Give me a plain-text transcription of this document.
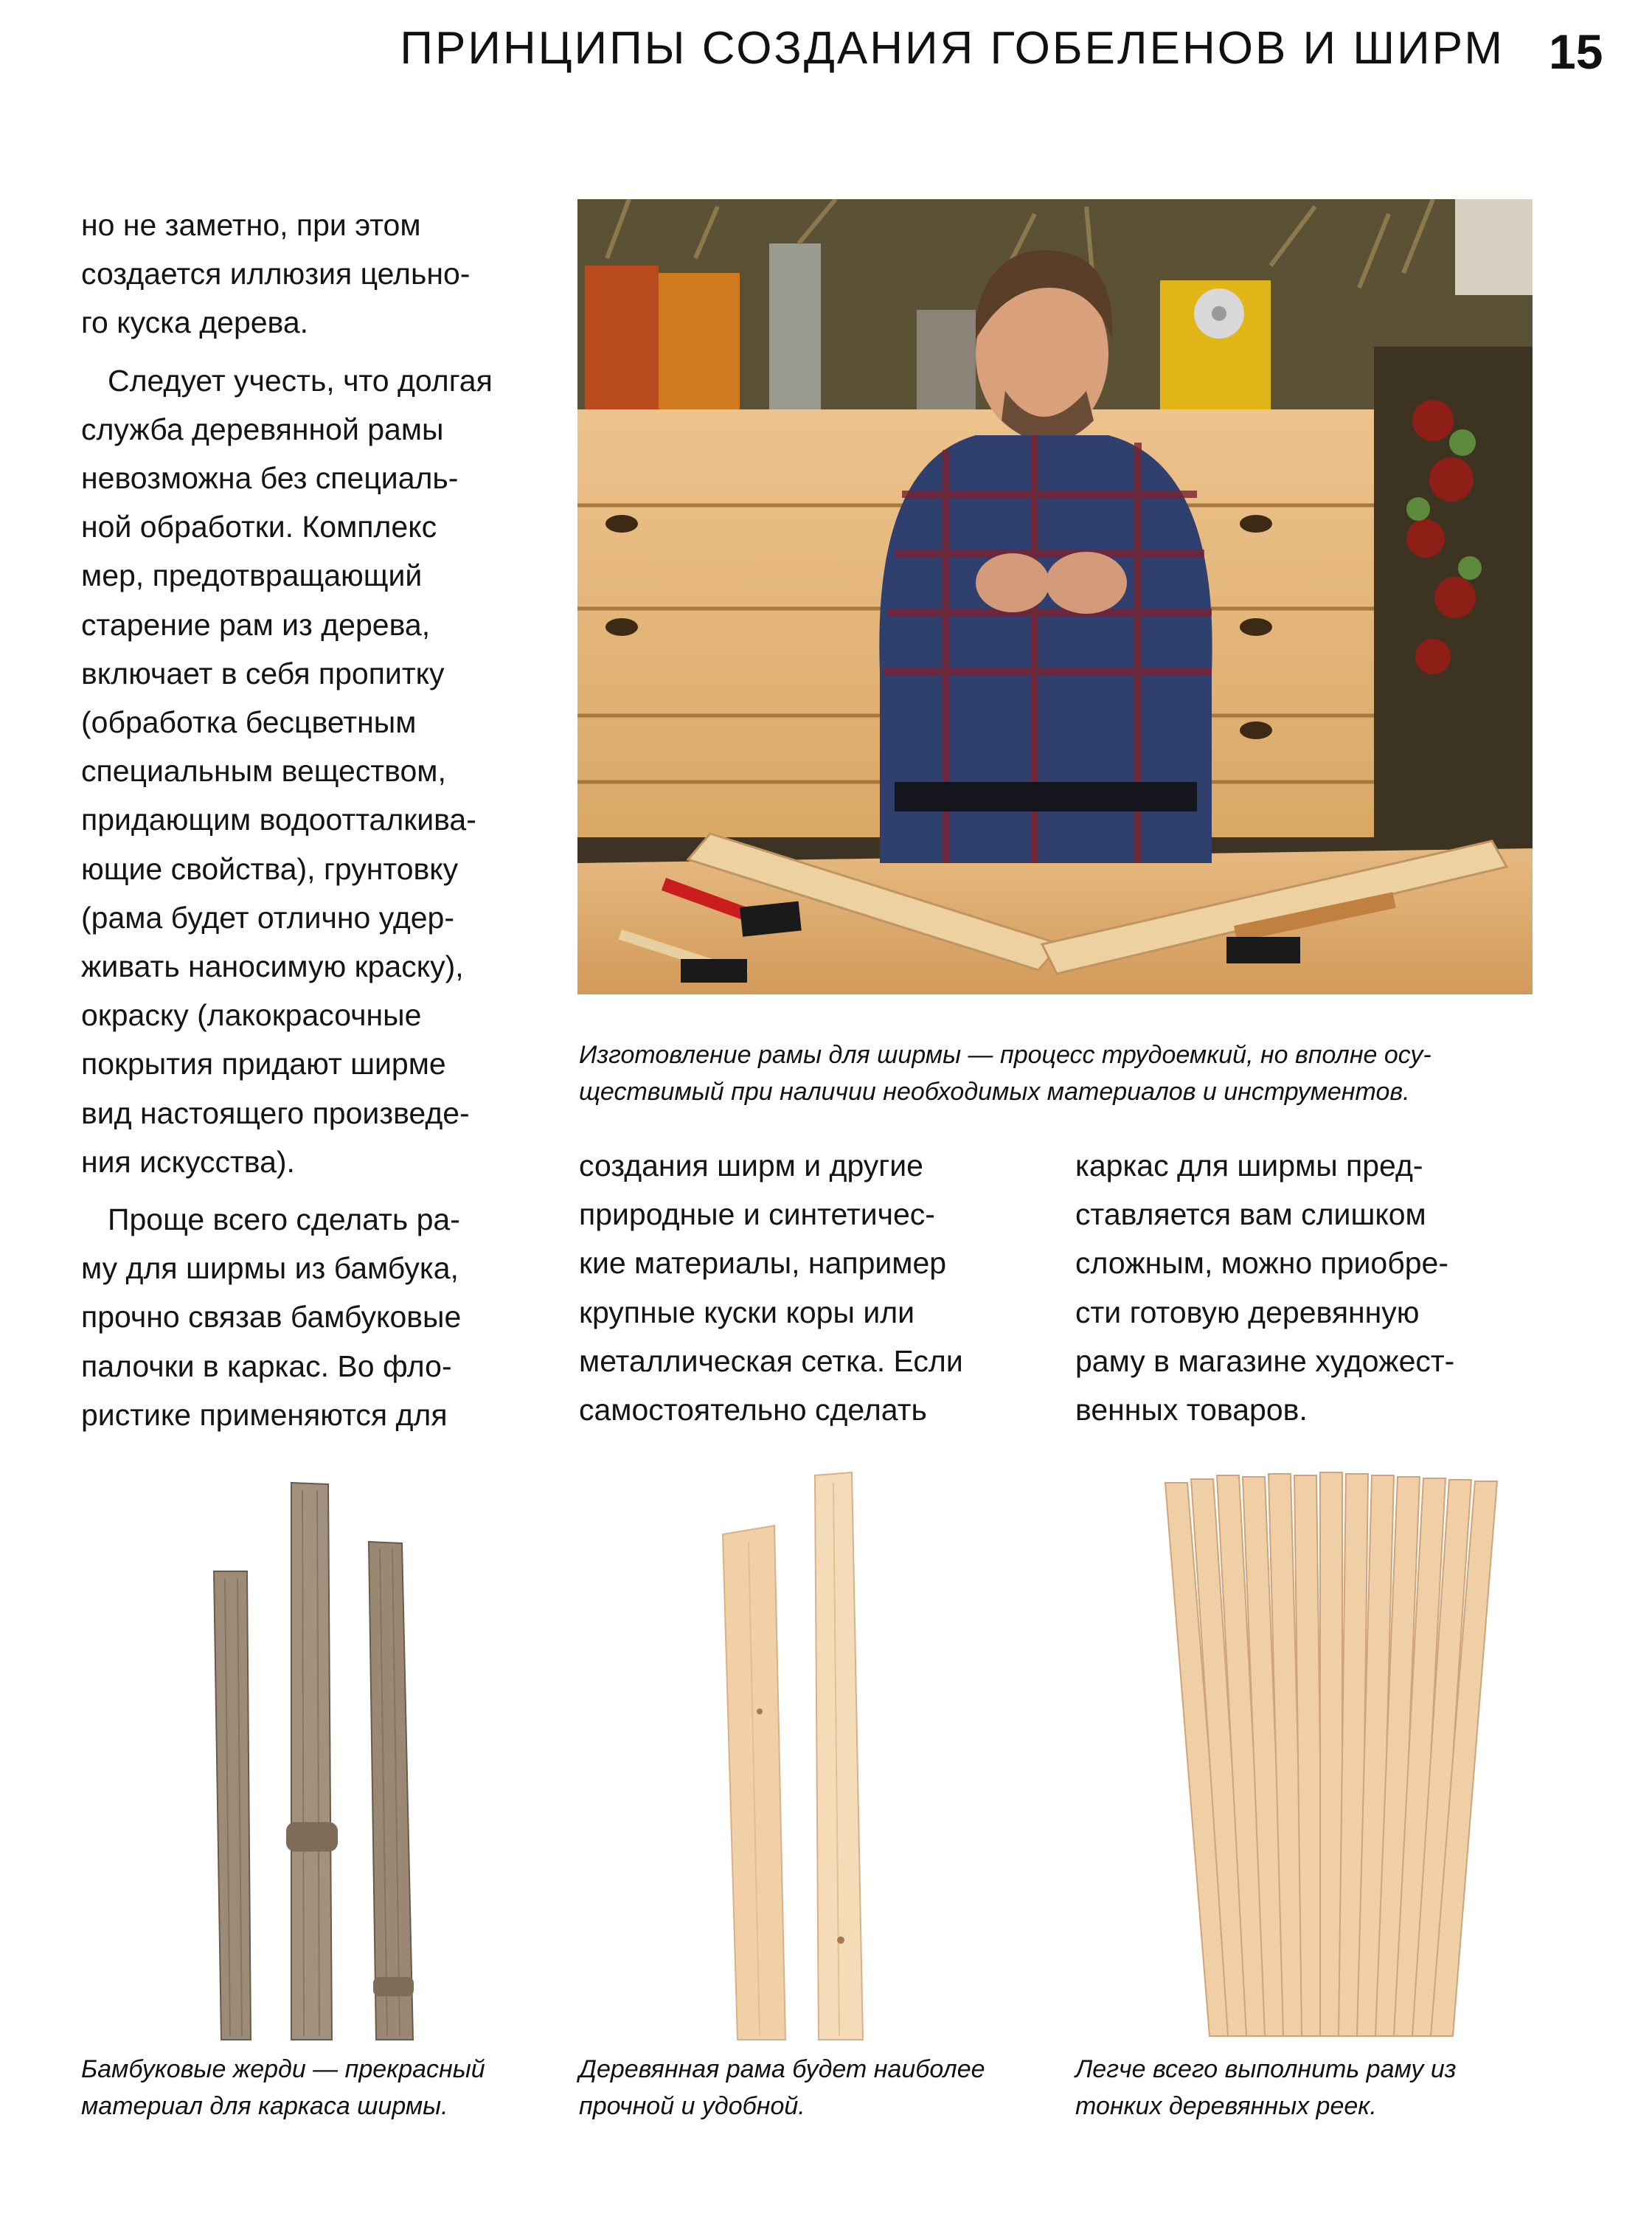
ПРИНЦИПЫ СОЗДАНИЯ ГОБЕЛЕНОВ И ШИРМ 15

но не заметно, при этом
создается иллюзия цельно-
го куска дерева.

Следует учесть, что долгая
служба деревянной рамы
невозможна без специаль-
ной обработки. Комплекс
мер, предотвращающий
старение рам из дерева,
включает в себя пропитку
(обработка бесцветным
специальным веществом,
придающим водоотталкива-
ющие свойства), грунтовку
(рама будет отлично удер-
живать наносимую краску),
окраску (лакокрасочные
покрытия придают ширме
вид настоящего произведе-
ния искусства).

Проще всего сделать ра-
му для ширмы из бамбука,
прочно связав бамбуковые
палочки в каркас. Во фло-
ристике применяются для

Изготовление рамы для ширмы — процесс трудоемкий, но вполне осу-
ществимый при наличии необходимых материалов и инструментов.
создания ширм и другие
природные и синтетичес-
кие материалы, например
крупные куски коры или
металлическая сетка. Если
самостоятельно сделать
каркас для ширмы пред-
ставляется вам слишком
сложным, можно приобре-
сти готовую деревянную
раму в магазине художест-
венных товаров.
Бамбуковые жерди — прекрасный
материал для каркаса ширмы.
Деревянная рама будет наиболее
прочной и удобной.
Легче всего выполнить раму из
тонких деревянных реек.
